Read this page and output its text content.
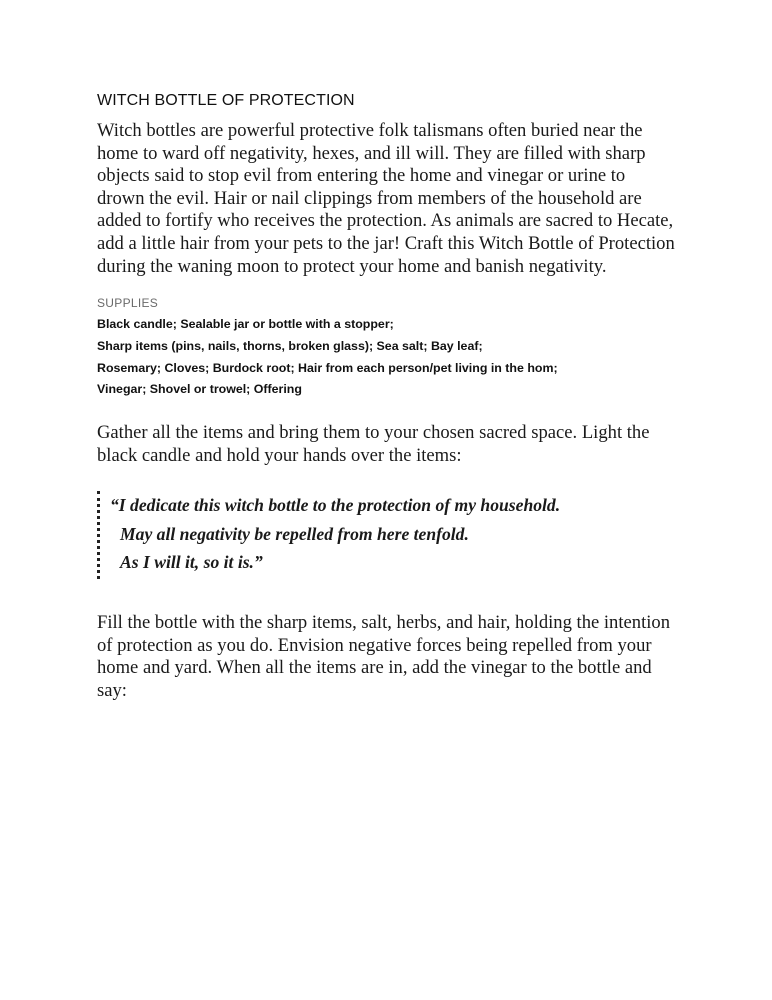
WITCH BOTTLE OF PROTECTION

Witch bottles are powerful protective folk talismans often buried near the home to ward off negativity, hexes, and ill will. They are filled with sharp objects said to stop evil from entering the home and vinegar or urine to drown the evil. Hair or nail clippings from members of the household are added to fortify who receives the protection. As animals are sacred to Hecate, add a little hair from your pets to the jar! Craft this Witch Bottle of Protection during the waning moon to protect your home and banish negativity.

SUPPLIES

Black candle; Sealable jar or bottle with a stopper;

Sharp items (pins, nails, thorns, broken glass); Sea salt; Bay leaf;

Rosemary; Cloves; Burdock root; Hair from each person/pet living in the hom;

Vinegar; Shovel or trowel; Offering

Gather all the items and bring them to your chosen sacred space. Light the black candle and hold your hands over the items:

“I dedicate this witch bottle to the protection of my household.

May all negativity be repelled from here tenfold.

As I will it, so it is.”

Fill the bottle with the sharp items, salt, herbs, and hair, holding the intention of protection as you do. Envision negative forces being repelled from your home and yard. When all the items are in, add the vinegar to the bottle and say:
